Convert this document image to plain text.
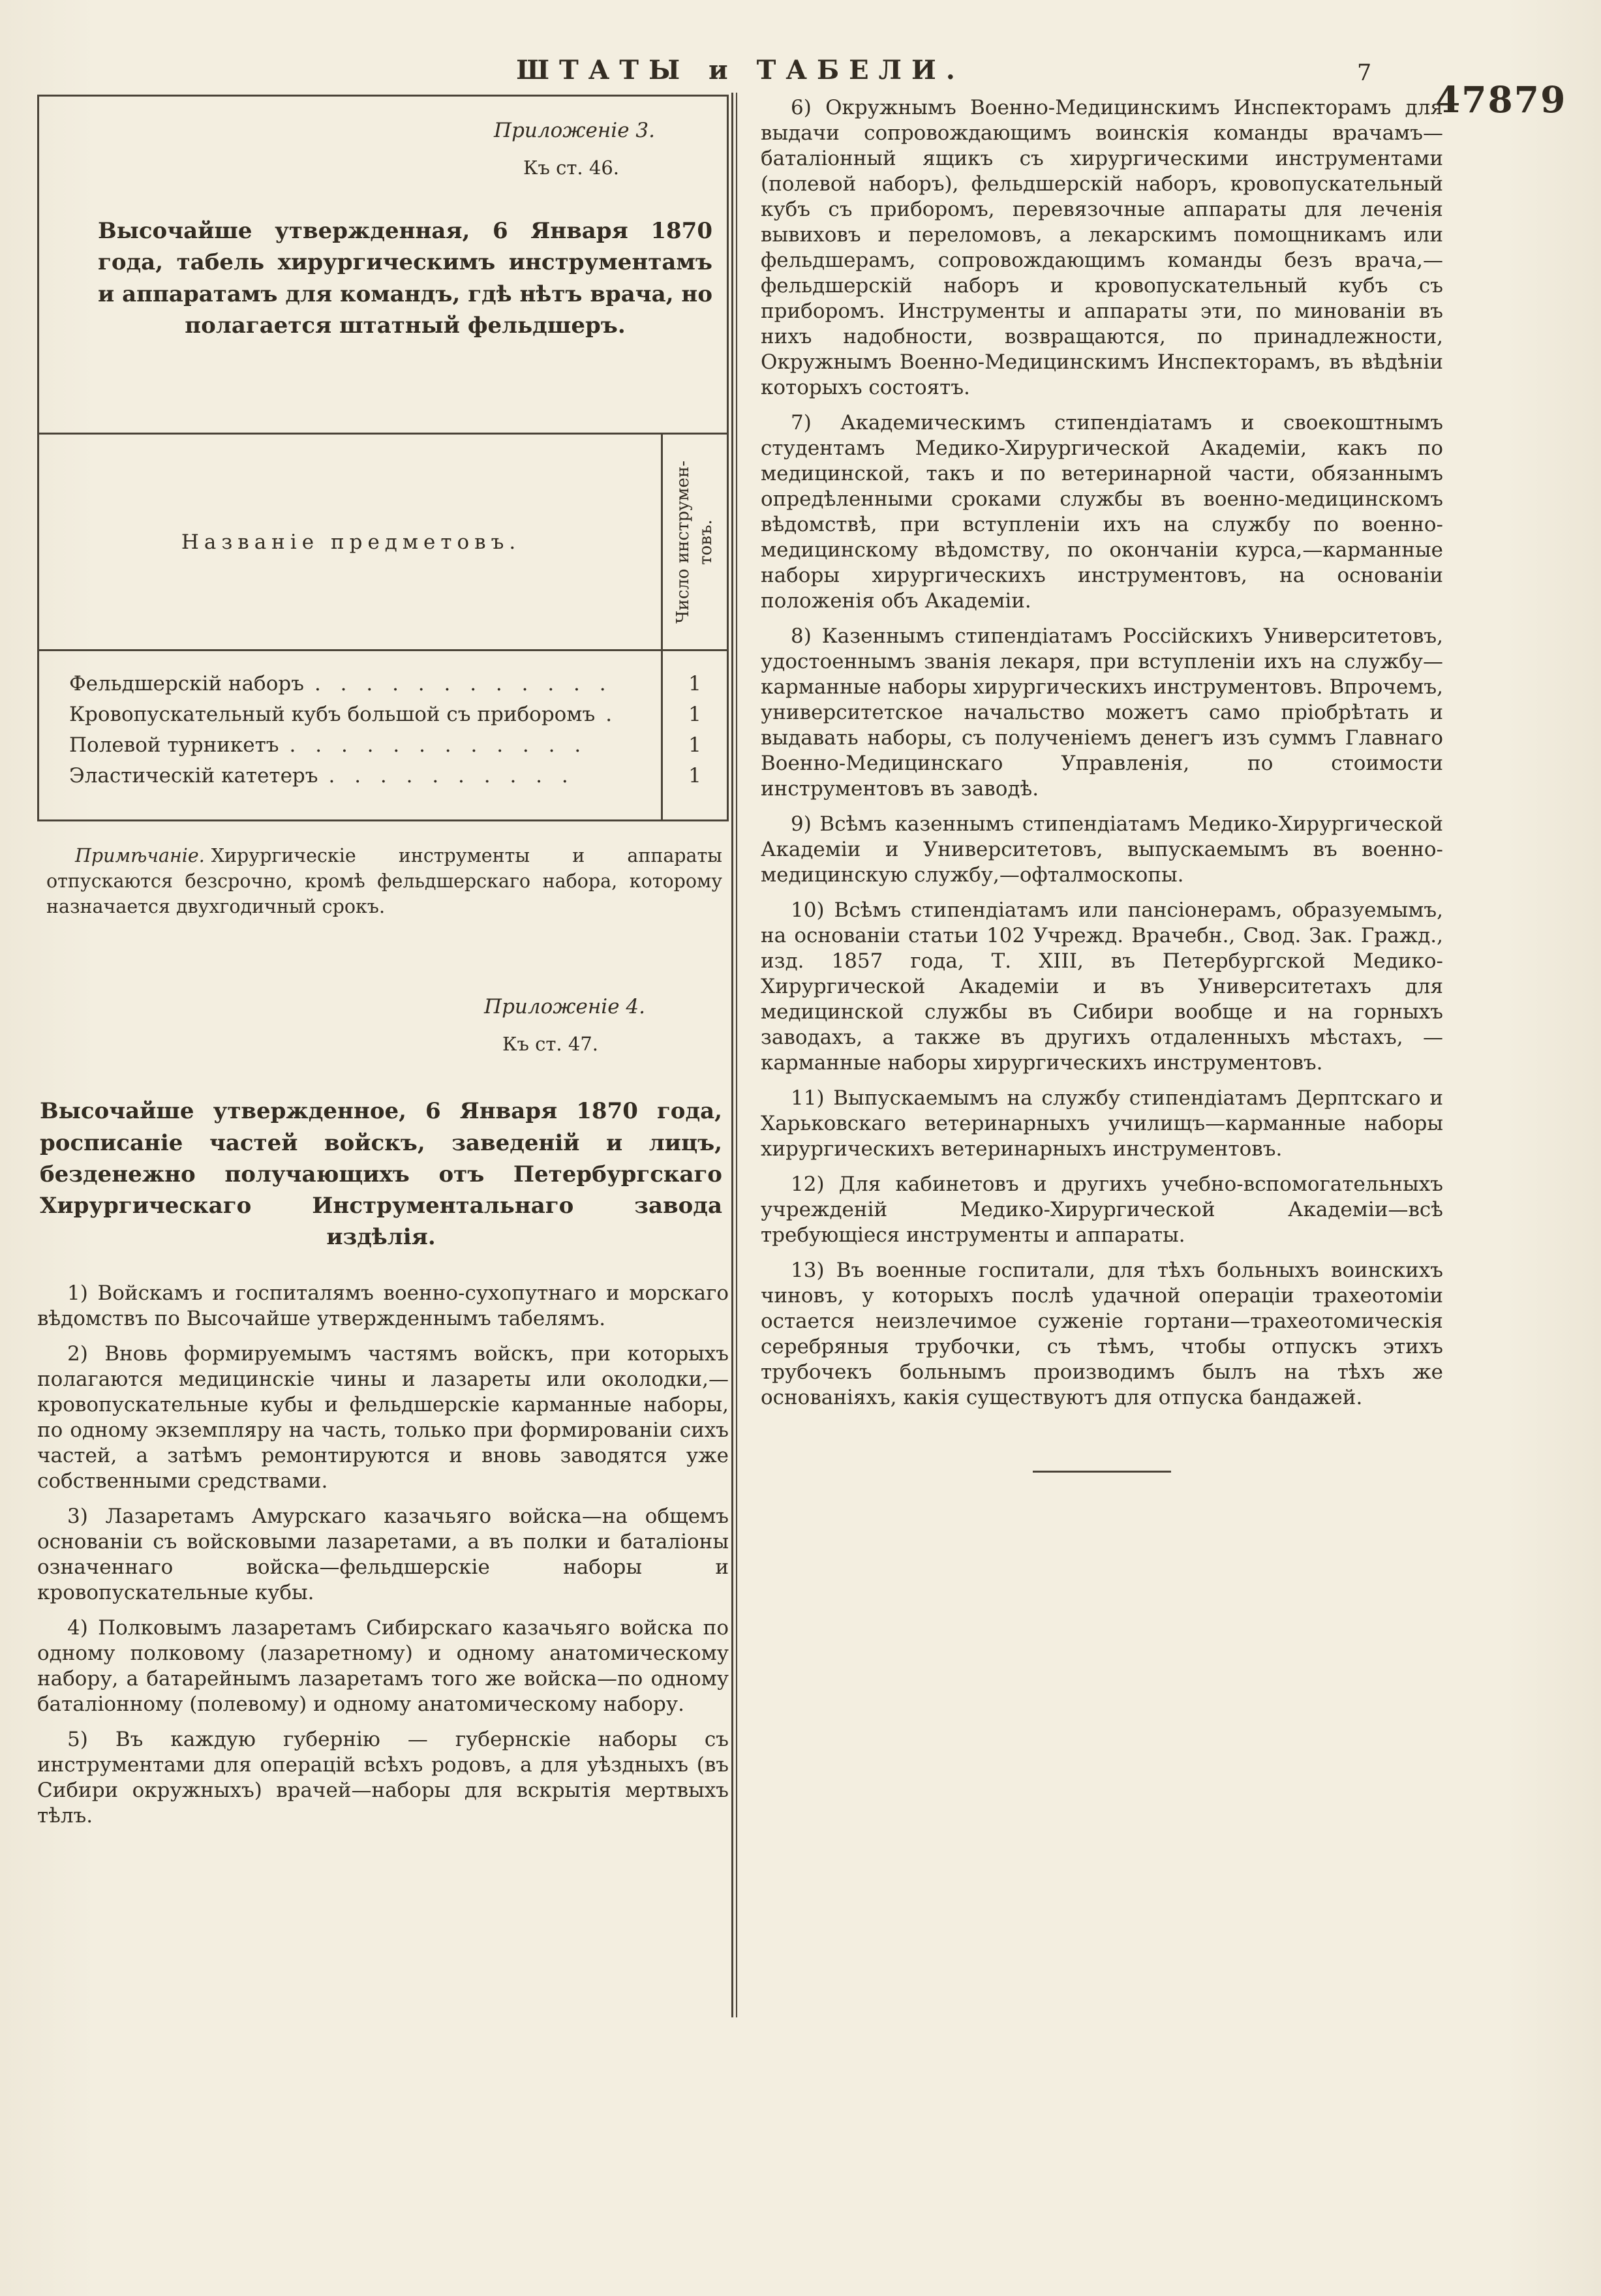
ШТАТЫ и ТАБЕЛИ.	7
47879
Приложеніе 3.
Къ ст. 46.
Высочайше утвержденная, 6 Января 1870 года, табель хирургическимъ инструментамъ и аппаратамъ для командъ, гдѣ нѣтъ врача, но полагается штатный фельдшеръ.
Названіе предметовъ.	Число инструмен- товъ.
Фельдшерскій наборъ . . . . . . . . . . . .	1
Кровопускательный кубъ большой съ приборомъ .	1
Полевой турникетъ . . . . . . . . . . . .	1
Эластическій катетеръ . . . . . . . . . .	1

Примѣчаніе. Хирургическіе инструменты и аппараты отпускаются безсрочно, кромѣ фельдшерскаго набора, которому назначается двухгодичный срокъ.

Приложеніе 4.
Къ ст. 47.
Высочайше утвержденное, 6 Января 1870 года, росписаніе частей войскъ, заведеній и лицъ, безденежно получающихъ отъ Петербургскаго Хирургическаго Инструментальнаго завода издѣлія.

1) Войскамъ и госпиталямъ военно-сухопутнаго и морскаго вѣдомствъ по Высочайше утвержденнымъ табелямъ.

2) Вновь формируемымъ частямъ войскъ, при которыхъ полагаются медицинскіе чины и лазареты или околодки,—кровопускательные кубы и фельдшерскіе карманные наборы, по одному экземпляру на часть, только при формированіи сихъ частей, а затѣмъ ремонтируются и вновь заводятся уже собственными средствами.

3) Лазаретамъ Амурскаго казачьяго войска—на общемъ основаніи съ войсковыми лазаретами, а въ полки и баталіоны означеннаго войска—фельдшерскіе наборы и кровопускательные кубы.

4) Полковымъ лазаретамъ Сибирскаго казачьяго войска по одному полковому (лазаретному) и одному анатомическому набору, а батарейнымъ лазаретамъ того же войска—по одному баталіонному (полевому) и одному анатомическому набору.

5) Въ каждую губернію — губернскіе наборы съ инструментами для операцій всѣхъ родовъ, а для уѣздныхъ (въ Сибири окружныхъ) врачей—наборы для вскрытія мертвыхъ тѣлъ.

6) Окружнымъ Военно-Медицинскимъ Инспекторамъ для выдачи сопровождающимъ воинскія команды врачамъ—баталіонный ящикъ съ хирургическими инструментами (полевой наборъ), фельдшерскій наборъ, кровопускательный кубъ съ приборомъ, перевязочные аппараты для леченія вывиховъ и переломовъ, а лекарскимъ помощникамъ или фельдшерамъ, сопровождающимъ команды безъ врача,—фельдшерскій наборъ и кровопускательный кубъ съ приборомъ. Инструменты и аппараты эти, по минованіи въ нихъ надобности, возвращаются, по принадлежности, Окружнымъ Военно-Медицинскимъ Инспекторамъ, въ вѣдѣніи которыхъ состоятъ.

7) Академическимъ стипендіатамъ и своекоштнымъ студентамъ Медико-Хирургической Академіи, какъ по медицинской, такъ и по ветеринарной части, обязаннымъ опредѣленными сроками службы въ военно-медицинскомъ вѣдомствѣ, при вступленіи ихъ на службу по военно-медицинскому вѣдомству, по окончаніи курса,—карманные наборы хирургическихъ инструментовъ, на основаніи положенія объ Академіи.

8) Казеннымъ стипендіатамъ Россійскихъ Университетовъ, удостоеннымъ званія лекаря, при вступленіи ихъ на службу—карманные наборы хирургическихъ инструментовъ. Впрочемъ, университетское начальство можетъ само пріобрѣтать и выдавать наборы, съ полученіемъ денегъ изъ суммъ Главнаго Военно-Медицинскаго Управленія, по стоимости инструментовъ въ заводѣ.

9) Всѣмъ казеннымъ стипендіатамъ Медико-Хирургической Академіи и Университетовъ, выпускаемымъ въ военно-медицинскую службу,—офталмоскопы.

10) Всѣмъ стипендіатамъ или пансіонерамъ, образуемымъ, на основаніи статьи 102 Учрежд. Врачебн., Свод. Зак. Гражд., изд. 1857 года, Т. XIII, въ Петербургской Медико-Хирургической Академіи и въ Университетахъ для медицинской службы въ Сибири вообще и на горныхъ заводахъ, а также въ другихъ отдаленныхъ мѣстахъ, — карманные наборы хирургическихъ инструментовъ.

11) Выпускаемымъ на службу стипендіатамъ Дерптскаго и Харьковскаго ветеринарныхъ училищъ—карманные наборы хирургическихъ ветеринарныхъ инструментовъ.

12) Для кабинетовъ и другихъ учебно-вспомогательныхъ учрежденій Медико-Хирургической Академіи—всѣ требующіеся инструменты и аппараты.

13) Въ военные госпитали, для тѣхъ больныхъ воинскихъ чиновъ, у которыхъ послѣ удачной операціи трахеотоміи остается неизлечимое суженіе гортани—трахеотомическія серебряныя трубочки, съ тѣмъ, чтобы отпускъ этихъ трубочекъ больнымъ производимъ былъ на тѣхъ же основаніяхъ, какія существуютъ для отпуска бандажей.
